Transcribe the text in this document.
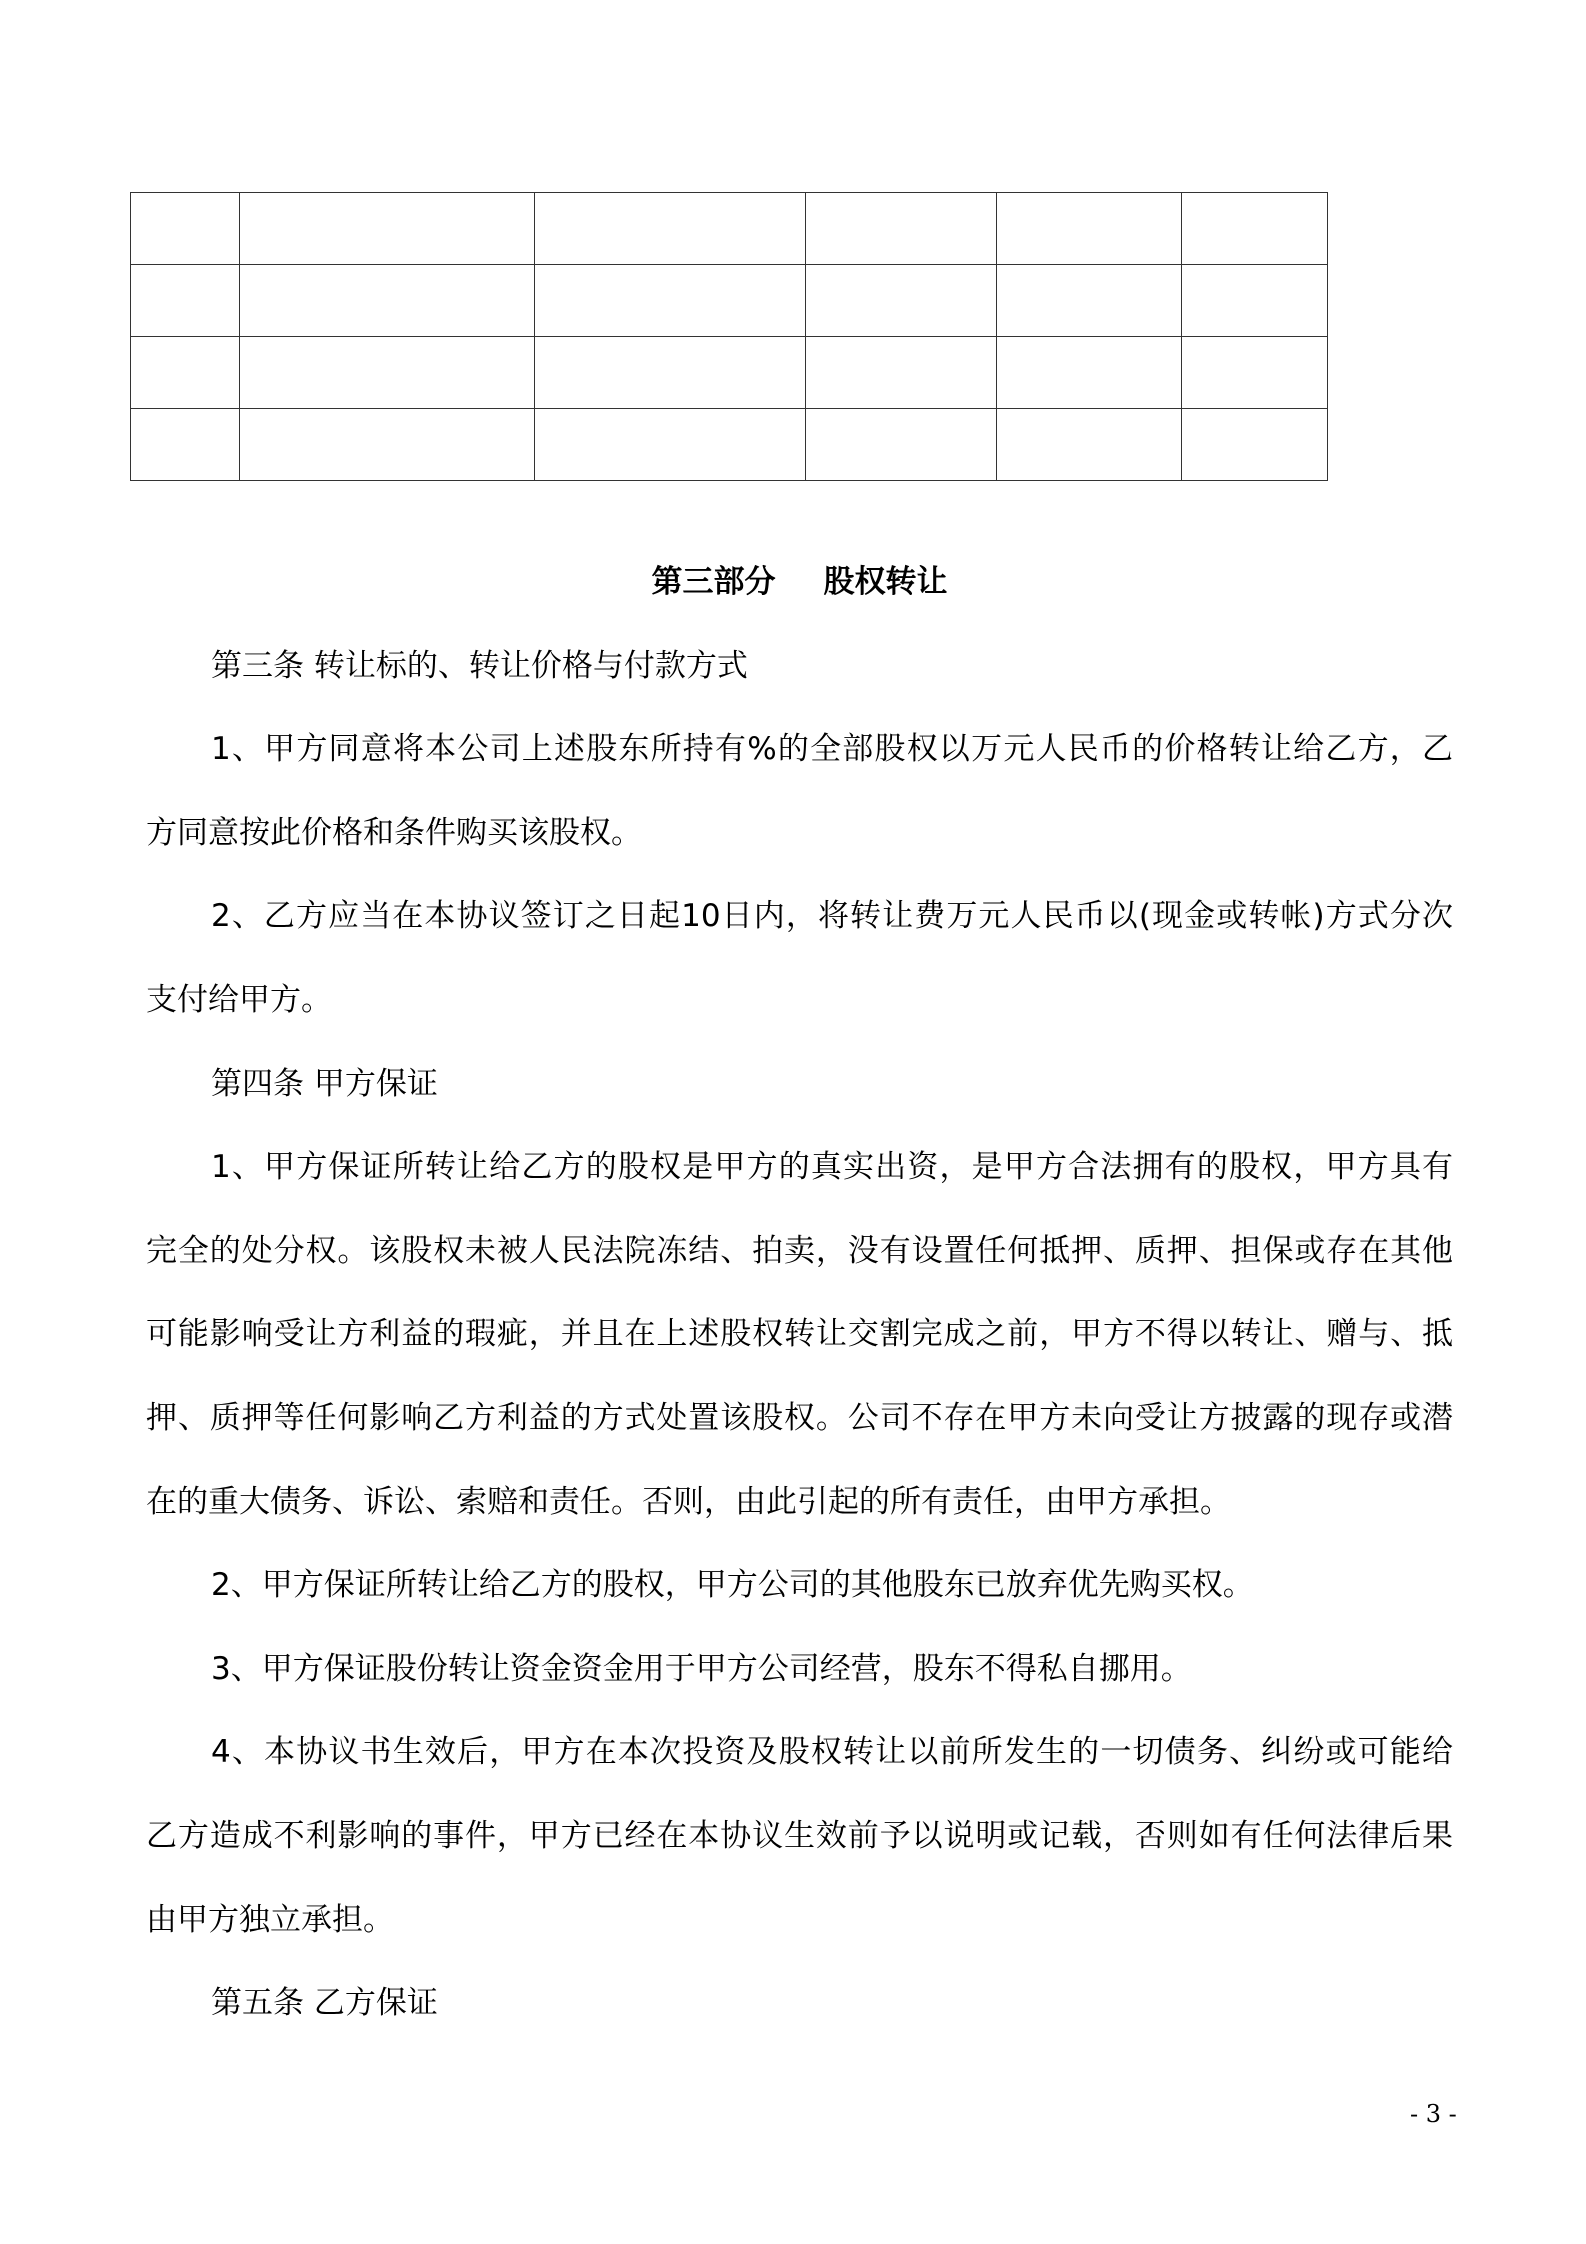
第三部分 股权转让
第三条 转让标的、转让价格与付款方式
1、甲方同意将本公司上述股东所持有%的全部股权以万元人民币的价格转让给乙方，乙
方同意按此价格和条件购买该股权。
2、乙方应当在本协议签订之日起10日内，将转让费万元人民币以(现金或转帐)方式分次
支付给甲方。
第四条 甲方保证
1、甲方保证所转让给乙方的股权是甲方的真实出资，是甲方合法拥有的股权，甲方具有
完全的处分权。该股权未被人民法院冻结、拍卖，没有设置任何抵押、质押、担保或存在其他
可能影响受让方利益的瑕疵，并且在上述股权转让交割完成之前，甲方不得以转让、赠与、抵
押、质押等任何影响乙方利益的方式处置该股权。公司不存在甲方未向受让方披露的现存或潜
在的重大债务、诉讼、索赔和责任。否则，由此引起的所有责任，由甲方承担。
2、甲方保证所转让给乙方的股权，甲方公司的其他股东已放弃优先购买权。
3、甲方保证股份转让资金资金用于甲方公司经营，股东不得私自挪用。
4、本协议书生效后，甲方在本次投资及股权转让以前所发生的一切债务、纠纷或可能给
乙方造成不利影响的事件，甲方已经在本协议生效前予以说明或记载，否则如有任何法律后果
由甲方独立承担。
第五条 乙方保证
- 3 -
